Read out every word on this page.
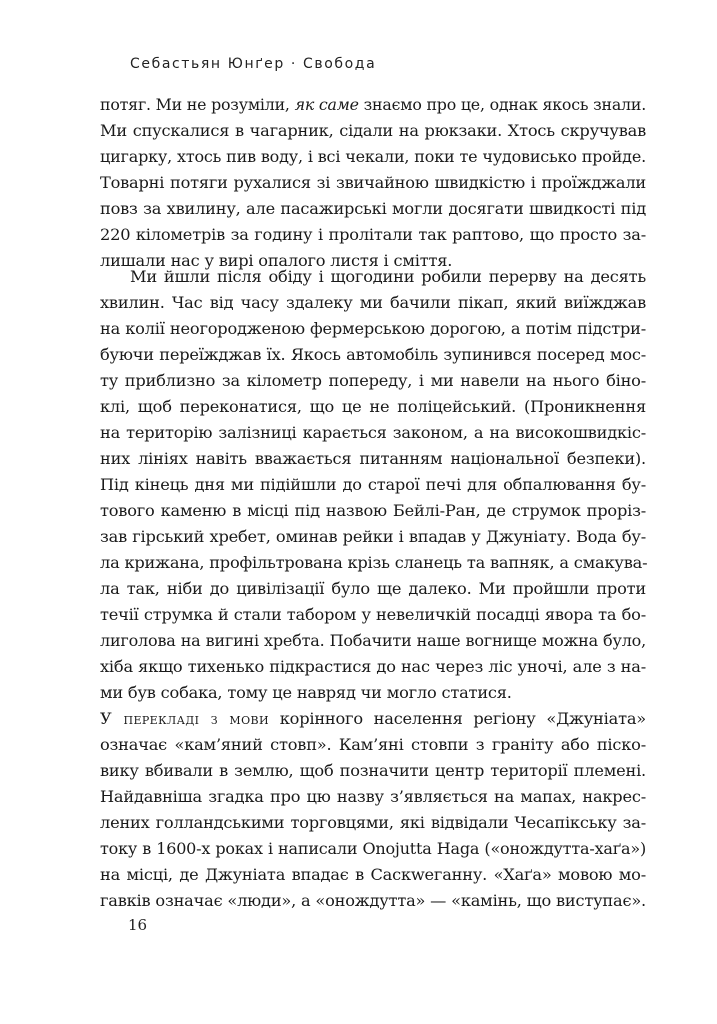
Себастьян Юнґер · Свобода
потяг. Ми не розуміли, як саме знаємо про це, однак якось знали.
Ми спускалися в чагарник, сідали на рюкзаки. Хтось скручував
цигарку, хтось пив воду, і всі чекали, поки те чудовисько пройде.
Товарні потяги рухалися зі звичайною швидкістю і проїжджали
повз за хвилину, але пасажирські могли досягати швидкості під
220 кілометрів за годину і пролітали так раптово, що просто за-
лишали нас у вирі опалого листя і сміття.
Ми йшли після обіду і щогодини робили перерву на десять
хвилин. Час від часу здалеку ми бачили пікап, який виїжджав
на колії неогородженою фермерською дорогою, а потім підстри-
буючи переїжджав їх. Якось автомобіль зупинився посеред мос-
ту приблизно за кілометр попереду, і ми навели на нього біно-
клі, щоб переконатися, що це не поліцейський. (Проникнення
на територію залізниці карається законом, а на високошвидкіс-
них лініях навіть вважається питанням національної безпеки).
Під кінець дня ми підійшли до старої печі для обпалювання бу-
тового каменю в місці під назвою Бейлі-Ран, де струмок проріз-
зав гірський хребет, оминав рейки і впадав у Джуніату. Вода бу-
ла крижана, профільтрована крізь сланець та вапняк, а смакува-
ла так, ніби до цивілізації було ще далеко. Ми пройшли проти
течії струмка й стали табором у невеличкій посадці явора та бо-
лиголова на вигині хребта. Побачити наше вогнище можна було,
хіба якщо тихенько підкрастися до нас через ліс уночі, але з на-
ми був собака, тому це навряд чи могло статися.
У перекладі з мови корінного населення регіону «Джуніата»
означає «кам’яний стовп». Кам’яні стовпи з граніту або піско-
вику вбивали в землю, щоб позначити центр території племені.
Найдавніша згадка про цю назву з’являється на мапах, накрес-
лених голландськими торговцями, які відвідали Чесапікську за-
току в 1600-х роках і написали Onojutta Haga («онождутта-хаґа»)
на місці, де Джуніата впадає в Саскweганну. «Хаґа» мовою мо-
гавків означає «люди», а «онождутта» — «камінь, що виступає».
16
